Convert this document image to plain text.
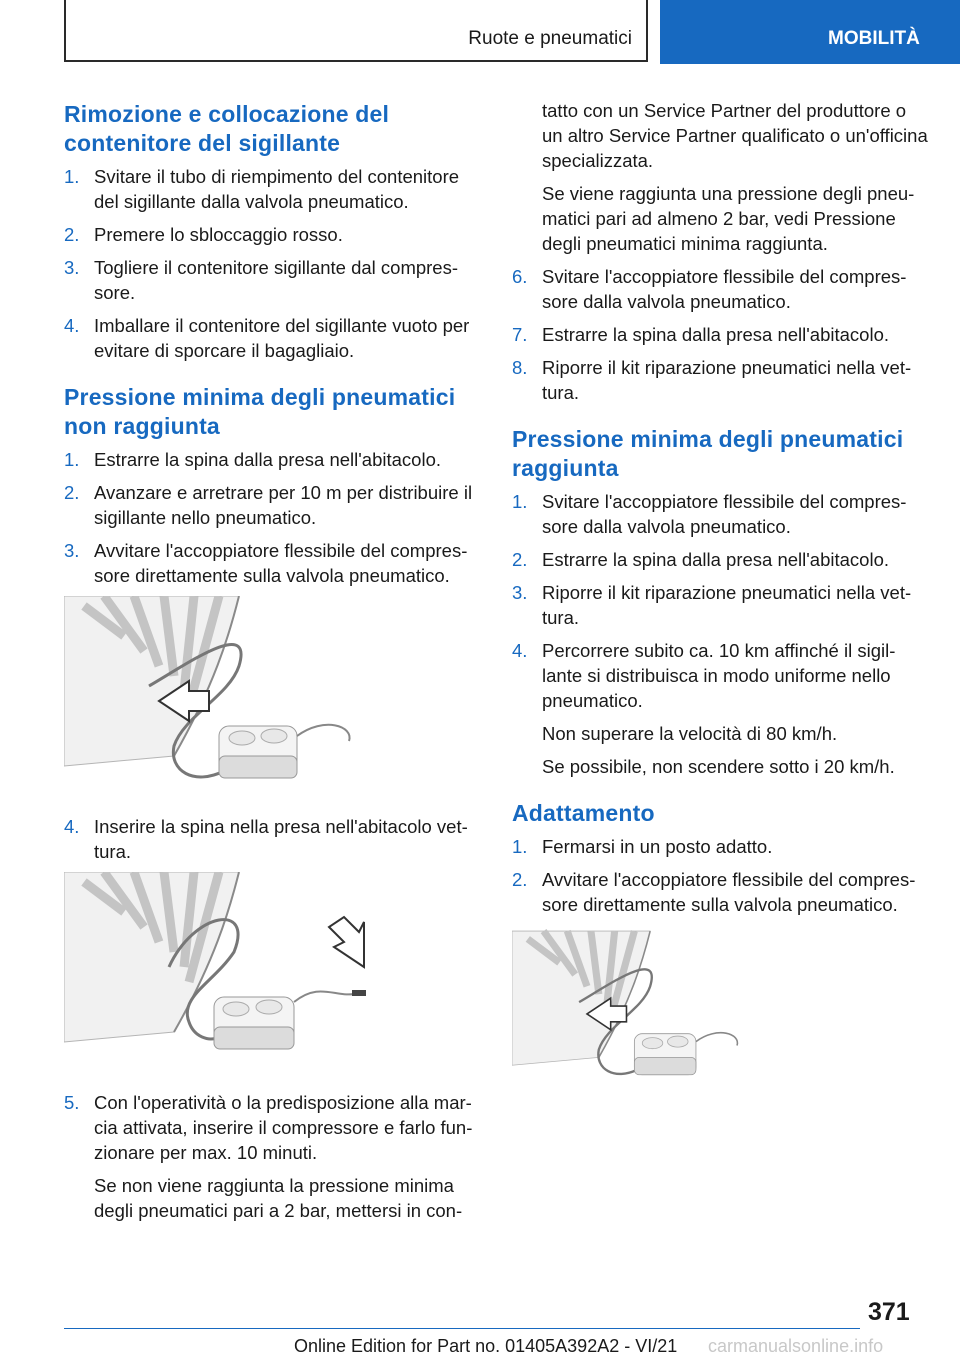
Ruote e pneumatici	MOBILITÀ
Rimozione e collocazione del contenitore del sigillante
1. Svitare il tubo di riempimento del contenitore del sigillante dalla valvola pneumatico.
2. Premere lo sbloccaggio rosso.
3. Togliere il contenitore sigillante dal compressore.
4. Imballare il contenitore del sigillante vuoto per evitare di sporcare il bagagliaio.
Pressione minima degli pneumatici non raggiunta
1. Estrarre la spina dalla presa nell'abitacolo.
2. Avanzare e arretrare per 10 m per distribuire il sigillante nello pneumatico.
3. Avvitare l'accoppiatore flessibile del compressore direttamente sulla valvola pneumatico.
4. Inserire la spina nella presa nell'abitacolo vettura.
5. Con l'operatività o la predisposizione alla marcia attivata, inserire il compressore e farlo funzionare per max. 10 minuti.
Se non viene raggiunta la pressione minima degli pneumatici pari a 2 bar, mettersi in con-

tatto con un Service Partner del produttore o un altro Service Partner qualificato o un'officina specializzata.

Se viene raggiunta una pressione degli pneumatici pari ad almeno 2 bar, vedi Pressione degli pneumatici minima raggiunta.

6. Svitare l'accoppiatore flessibile del compressore dalla valvola pneumatico.
7. Estrarre la spina dalla presa nell'abitacolo.
8. Riporre il kit riparazione pneumatici nella vettura.
Pressione minima degli pneumatici raggiunta
1. Svitare l'accoppiatore flessibile del compressore dalla valvola pneumatico.
2. Estrarre la spina dalla presa nell'abitacolo.
3. Riporre il kit riparazione pneumatici nella vettura.
4. Percorrere subito ca. 10 km affinché il sigillante si distribuisca in modo uniforme nello pneumatico.
Non superare la velocità di 80 km/h.
Se possibile, non scendere sotto i 20 km/h.
Adattamento
1. Fermarsi in un posto adatto.
2. Avvitare l'accoppiatore flessibile del compressore direttamente sulla valvola pneumatico.
371
Online Edition for Part no. 01405A392A2 - VI/21 carmanualsonline.info
